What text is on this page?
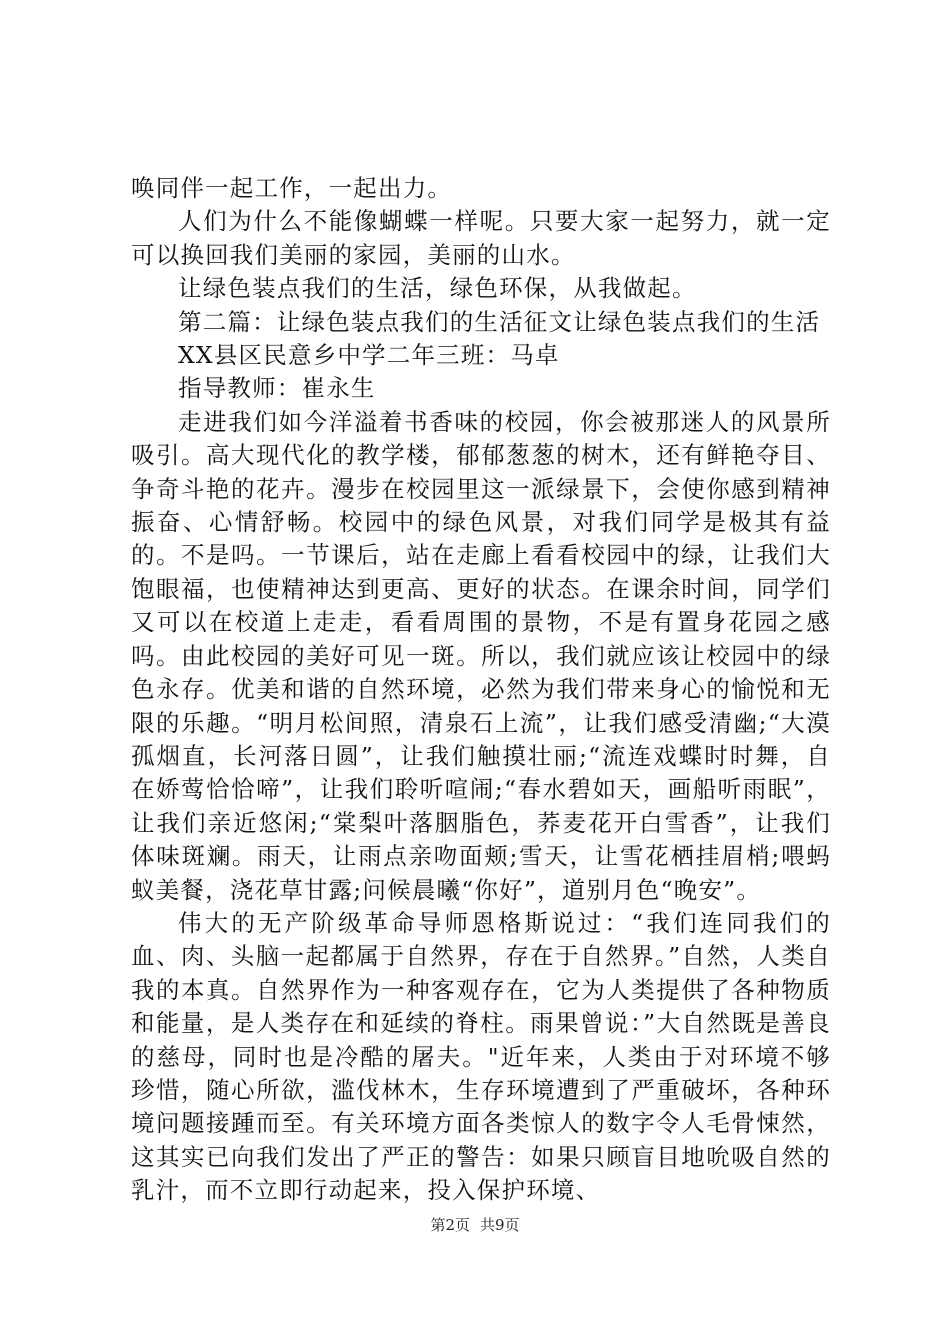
唤同伴一起工作，一起出力。

人们为什么不能像蝴蝶一样呢。只要大家一起努力，就一定可以换回我们美丽的家园，美丽的山水。

让绿色装点我们的生活，绿色环保，从我做起。

第二篇：让绿色装点我们的生活征文让绿色装点我们的生活

XX县区民意乡中学二年三班：马卓

指导教师：崔永生

走进我们如今洋溢着书香味的校园，你会被那迷人的风景所吸引。高大现代化的教学楼，郁郁葱葱的树木，还有鲜艳夺目、争奇斗艳的花卉。漫步在校园里这一派绿景下，会使你感到精神振奋、心情舒畅。校园中的绿色风景，对我们同学是极其有益的。不是吗。一节课后，站在走廊上看看校园中的绿，让我们大饱眼福，也使精神达到更高、更好的状态。在课余时间，同学们又可以在校道上走走，看看周围的景物，不是有置身花园之感吗。由此校园的美好可见一斑。所以，我们就应该让校园中的绿色永存。优美和谐的自然环境，必然为我们带来身心的愉悦和无限的乐趣。“明月松间照，清泉石上流”，让我们感受清幽;“大漠孤烟直，长河落日圆”，让我们触摸壮丽;“流连戏蝶时时舞，自在娇莺恰恰啼”，让我们聆听喧闹;“春水碧如天，画船听雨眠”，让我们亲近悠闲;“棠梨叶落胭脂色，荞麦花开白雪香”，让我们体味斑斓。雨天，让雨点亲吻面颊;雪天，让雪花栖挂眉梢;喂蚂蚁美餐，浇花草甘露;问候晨曦“你好”，道别月色“晚安”。

伟大的无产阶级革命导师恩格斯说过：“我们连同我们的血、肉、头脑一起都属于自然界，存在于自然界。”自然，人类自我的本真。自然界作为一种客观存在，它为人类提供了各种物质和能量，是人类存在和延续的脊柱。雨果曾说：”大自然既是善良的慈母，同时也是冷酷的屠夫。"近年来，人类由于对环境不够珍惜，随心所欲，滥伐林木，生存环境遭到了严重破坏，各种环境问题接踵而至。有关环境方面各类惊人的数字令人毛骨悚然，这其实已向我们发出了严正的警告：如果只顾盲目地吮吸自然的乳汁，而不立即行动起来，投入保护环境、

第2页 共9页
